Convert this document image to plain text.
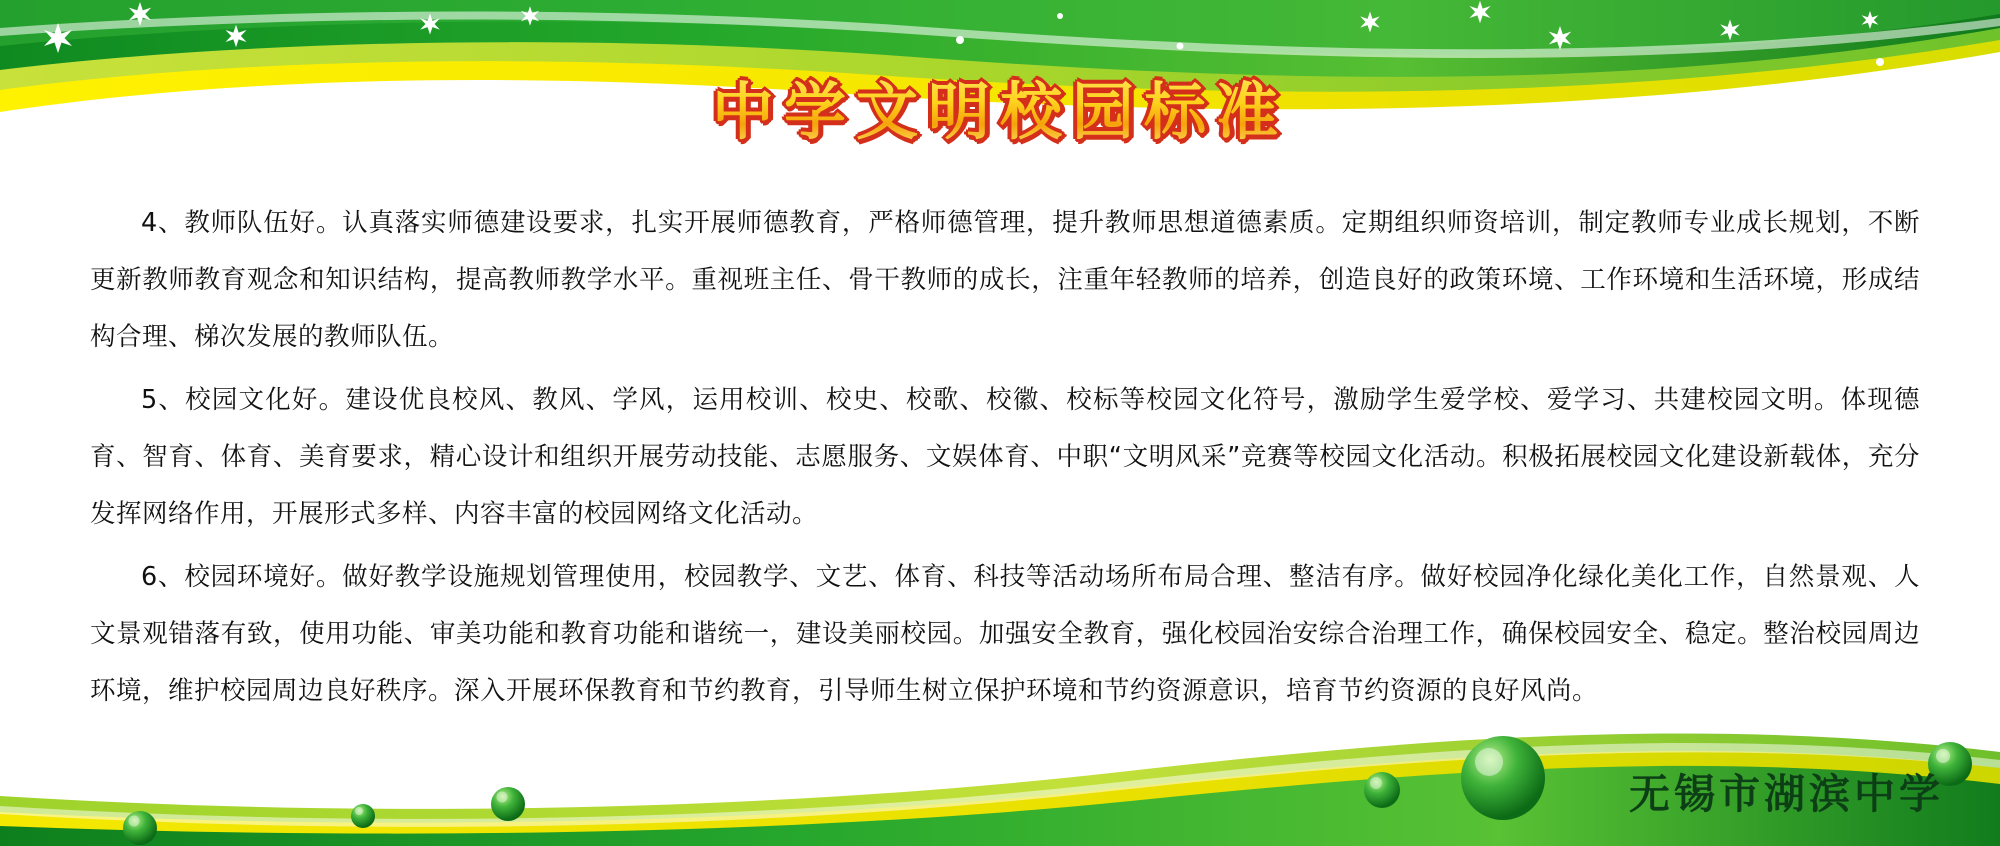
中学文明校园标准

4、教师队伍好。认真落实师德建设要求，扎实开展师德教育，严格师德管理，提升教师思想道德素质。定期组织师资培训，制定教师专业成长规划，不断更新教师教育观念和知识结构，提高教师教学水平。重视班主任、骨干教师的成长，注重年轻教师的培养，创造良好的政策环境、工作环境和生活环境，形成结构合理、梯次发展的教师队伍。

5、校园文化好。建设优良校风、教风、学风，运用校训、校史、校歌、校徽、校标等校园文化符号，激励学生爱学校、爱学习、共建校园文明。体现德育、智育、体育、美育要求，精心设计和组织开展劳动技能、志愿服务、文娱体育、中职“文明风采”竞赛等校园文化活动。积极拓展校园文化建设新载体，充分发挥网络作用，开展形式多样、内容丰富的校园网络文化活动。

6、校园环境好。做好教学设施规划管理使用，校园教学、文艺、体育、科技等活动场所布局合理、整洁有序。做好校园净化绿化美化工作，自然景观、人文景观错落有致，使用功能、审美功能和教育功能和谐统一，建设美丽校园。加强安全教育，强化校园治安综合治理工作，确保校园安全、稳定。整治校园周边环境，维护校园周边良好秩序。深入开展环保教育和节约教育，引导师生树立保护环境和节约资源意识，培育节约资源的良好风尚。

无锡市湖滨中学
